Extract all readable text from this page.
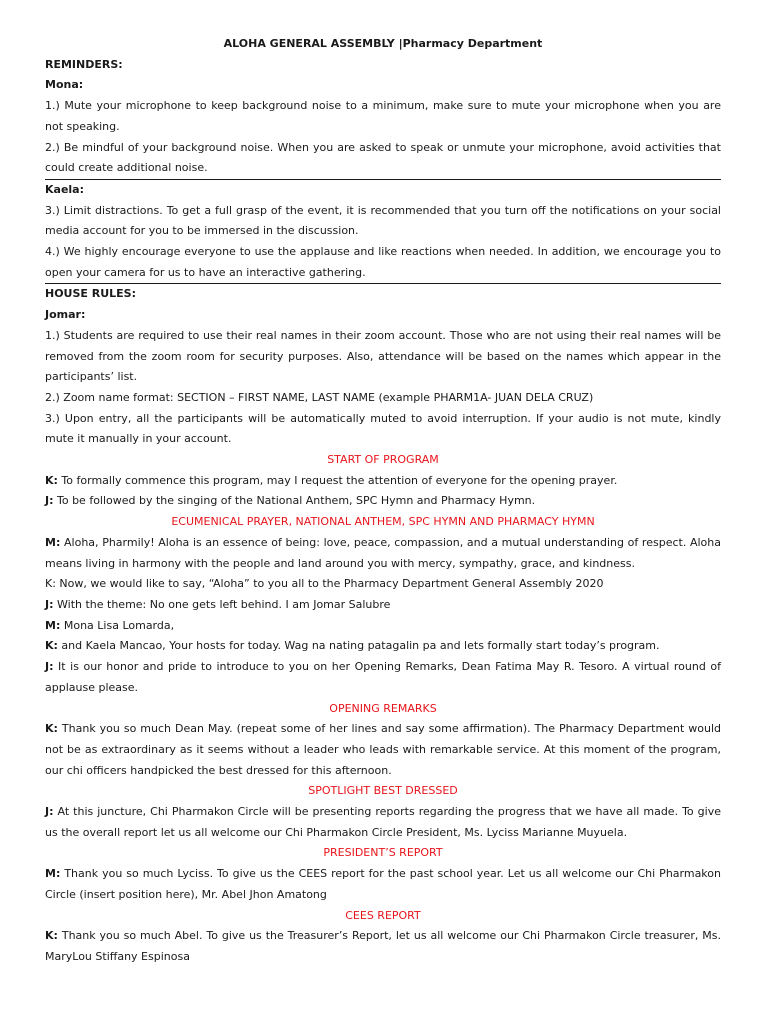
ALOHA GENERAL ASSEMBLY |Pharmacy Department
REMINDERS:
Mona:

1.) Mute your microphone to keep background noise to a minimum, make sure to mute your microphone when you are not speaking.

2.) Be mindful of your background noise. When you are asked to speak or unmute your microphone, avoid activities that could create additional noise.

Kaela:

3.) Limit distractions. To get a full grasp of the event, it is recommended that you turn off the notifications on your social media account for you to be immersed in the discussion.

4.) We highly encourage everyone to use the applause and like reactions when needed. In addition, we encourage you to open your camera for us to have an interactive gathering.

HOUSE RULES:
Jomar:

1.) Students are required to use their real names in their zoom account. Those who are not using their real names will be removed from the zoom room for security purposes. Also, attendance will be based on the names which appear in the participants’ list.

2.) Zoom name format: SECTION – FIRST NAME, LAST NAME (example PHARM1A- JUAN DELA CRUZ)

3.) Upon entry, all the participants will be automatically muted to avoid interruption. If your audio is not mute, kindly mute it manually in your account.

START OF PROGRAM

K: To formally commence this program, may I request the attention of everyone for the opening prayer.

J: To be followed by the singing of the National Anthem, SPC Hymn and Pharmacy Hymn.

ECUMENICAL PRAYER, NATIONAL ANTHEM, SPC HYMN AND PHARMACY HYMN

M: Aloha, Pharmily! Aloha is an essence of being: love, peace, compassion, and a mutual understanding of respect. Aloha means living in harmony with the people and land around you with mercy, sympathy, grace, and kindness.

K: Now, we would like to say, “Aloha” to you all to the Pharmacy Department General Assembly 2020

J: With the theme: No one gets left behind. I am Jomar Salubre

M: Mona Lisa Lomarda,

K: and Kaela Mancao, Your hosts for today. Wag na nating patagalin pa and lets formally start today’s program.

J: It is our honor and pride to introduce to you on her Opening Remarks, Dean Fatima May R. Tesoro. A virtual round of applause please.

OPENING REMARKS

K: Thank you so much Dean May. (repeat some of her lines and say some affirmation). The Pharmacy Department would not be as extraordinary as it seems without a leader who leads with remarkable service. At this moment of the program, our chi officers handpicked the best dressed for this afternoon.

SPOTLIGHT BEST DRESSED

J: At this juncture, Chi Pharmakon Circle will be presenting reports regarding the progress that we have all made. To give us the overall report let us all welcome our Chi Pharmakon Circle President, Ms. Lyciss Marianne Muyuela.

PRESIDENT’S REPORT

M: Thank you so much Lyciss. To give us the CEES report for the past school year. Let us all welcome our Chi Pharmakon Circle (insert position here), Mr. Abel Jhon Amatong

CEES REPORT

K: Thank you so much Abel. To give us the Treasurer’s Report, let us all welcome our Chi Pharmakon Circle treasurer, Ms. MaryLou Stiffany Espinosa
